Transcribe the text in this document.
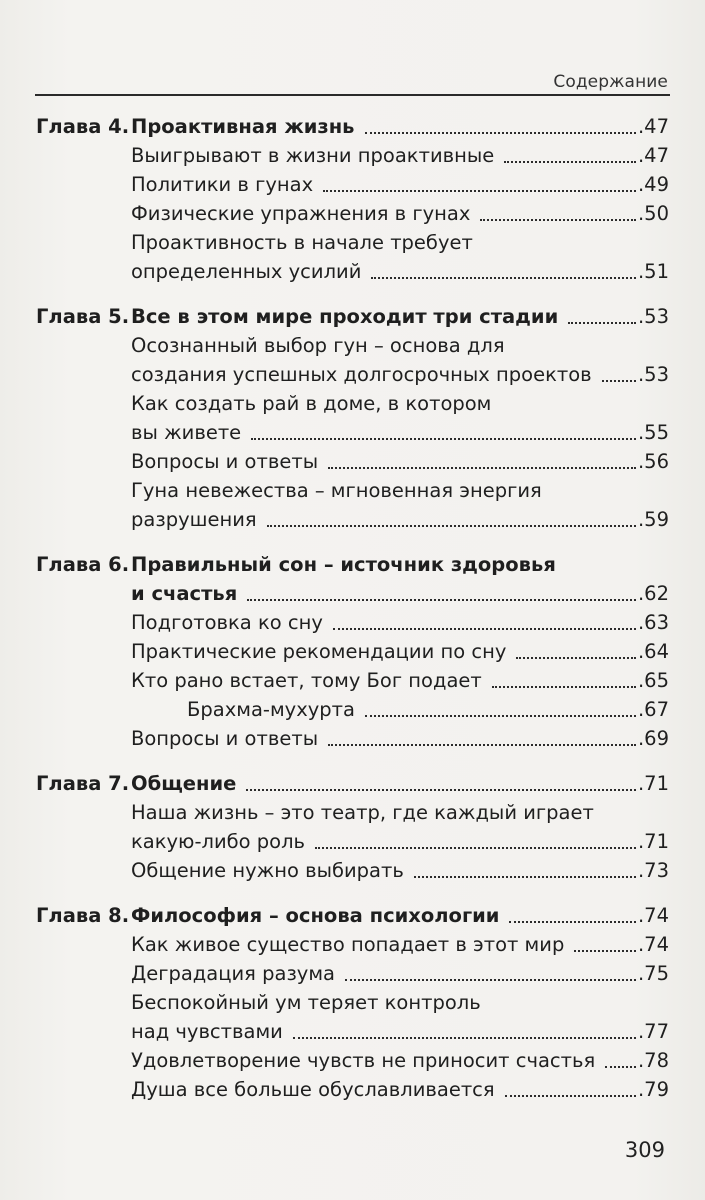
Содержание
Глава 4. Проактивная жизнь	.47
Выигрывают в жизни проактивные	.47
Политики в гунах	.49
Физические упражнения в гунах	.50
Проактивность в начале требует
определенных усилий	.51
Глава 5. Все в этом мире проходит три стадии	.53
Осознанный выбор гун – основа для
создания успешных долгосрочных проектов .53
Как создать рай в доме, в котором
вы живете	.55
Вопросы и ответы	.56
Гуна невежества – мгновенная энергия
разрушения	.59
Глава 6. Правильный сон – источник здоровья
и счастья	.62
Подготовка ко сну	.63
Практические рекомендации по сну	.64
Кто рано встает, тому Бог подает	.65
Брахма-мухурта	.67
Вопросы и ответы	.69
Глава 7. Общение	.71
Наша жизнь – это театр, где каждый играет
какую-либо роль	.71
Общение нужно выбирать	.73
Глава 8. Философия – основа психологии	.74
Как живое существо попадает в этот мир	.74
Деградация разума	.75
Беспокойный ум теряет контроль
над чувствами	.77
Удовлетворение чувств не приносит счастья .78
Душа все больше обуславливается	.79
309
